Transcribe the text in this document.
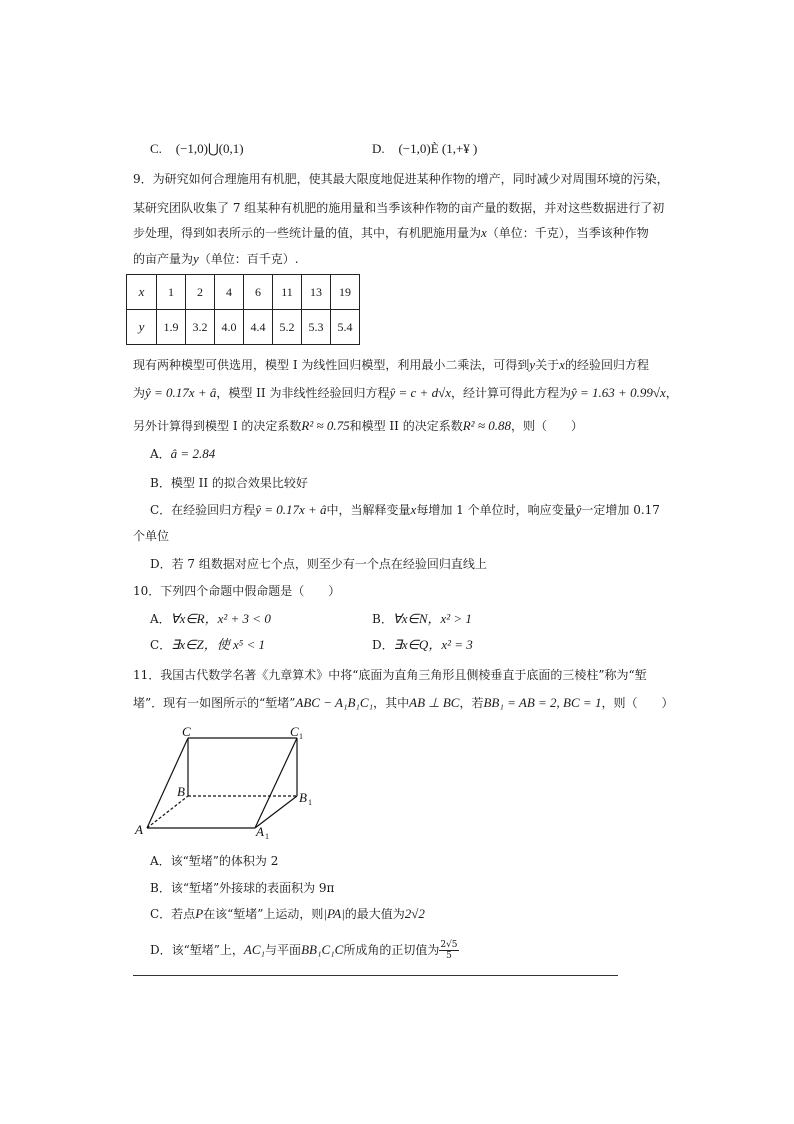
C. (−1,0)⋃(0,1)	D. (−1,0)È (1,+¥ )
9．为研究如何合理施用有机肥，使其最大限度地促进某种作物的增产，同时减少对周围环境的污染，
某研究团队收集了 7 组某种有机肥的施用量和当季该种作物的亩产量的数据，并对这些数据进行了初
步处理，得到如表所示的一些统计量的值，其中，有机肥施用量为x（单位：千克），当季该种作物
的亩产量为y（单位：百千克）.
x	1	2	4	6	11	13	19
y	1.9	3.2	4.0	4.4	5.2	5.3	5.4
现有两种模型可供选用，模型 I 为线性回归模型，利用最小二乘法，可得到y关于x的经验回归方程
为ŷ = 0.17x + â，模型 II 为非线性经验回归方程ŷ = c + d√x，经计算可得此方程为ŷ = 1.63 + 0.99√x，
另外计算得到模型 I 的决定系数R² ≈ 0.75和模型 II 的决定系数R² ≈ 0.88，则（　　）
A．â = 2.84
B．模型 II 的拟合效果比较好
C．在经验回归方程ŷ = 0.17x + â中，当解释变量x每增加 1 个单位时，响应变量ŷ一定增加 0.17
个单位
D．若 7 组数据对应七个点，则至少有一个点在经验回归直线上
10．下列四个命题中假命题是（　　）
A．∀x∈R，x² + 3 < 0	B．∀x∈N，x² > 1
C．∃x∈Z，使 x⁵ < 1	D．∃x∈Q，x² = 3
11．我国古代数学名著《九章算术》中将“底面为直角三角形且侧棱垂直于底面的三棱柱”称为“堑
堵”．现有一如图所示的“堑堵”ABC − A₁B₁C₁，其中AB ⊥ BC，若BB₁ = AB = 2, BC = 1，则（　　）
C	C 1
B	B 1
A	A 1
A．该“堑堵”的体积为 2
B．该“堑堵”外接球的表面积为 9π
C．若点P在该“堑堵”上运动，则|PA|的最大值为2√2
D．该“堑堵”上，AC₁与平面BB₁C₁C所成角的正切值为 $\frac{2√5}{5}$
